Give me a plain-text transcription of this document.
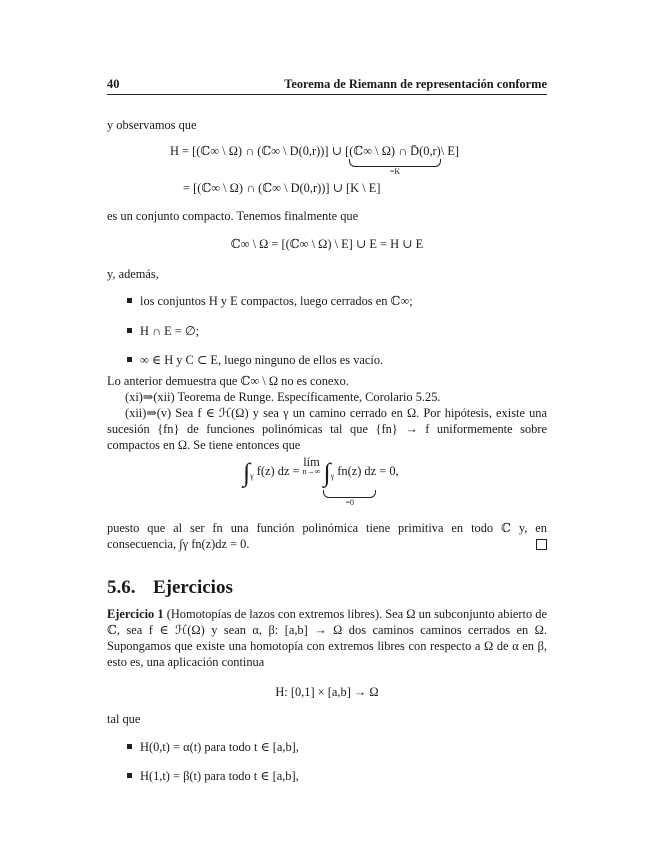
40	Teorema de Riemann de representación conforme
y observamos que
H = [(ℂ∞ \ Ω) ∩ (ℂ∞ \ D(0,r))] ∪ [(ℂ∞ \ Ω) ∩ D̄(0,r)
=K
\ E]
= [(ℂ∞ \ Ω) ∩ (ℂ∞ \ D(0,r))] ∪ [K \ E]
es un conjunto compacto. Tenemos finalmente que
ℂ∞ \ Ω = [(ℂ∞ \ Ω) \ E] ∪ E = H ∪ E
y, además,
los conjuntos H y E compactos, luego cerrados en ℂ∞;
H ∩ E = ∅;
∞ ∈ H y C ⊂ E, luego ninguno de ellos es vacío.
Lo anterior demuestra que ℂ∞ \ Ω no es conexo.
(xi)⇒(xii) Teorema de Runge. Específicamente, Corolario 5.25.
(xii)⇒(v) Sea f ∈ ℋ(Ω) y sea γ un camino cerrado en Ω. Por hipótesis, existe una sucesión {fn} de funciones polinómicas tal que {fn} → f uniformemente sobre compactos en Ω. Se tiene entonces que
$\int_\gamma$ f(z) dz = lím
n→∞ $\int_\gamma$ fn(z) dz
=0
= 0,
puesto que al ser fn una función polinómica tiene primitiva en todo ℂ y, en consecuencia, ∫γ fn(z)dz = 0.
5.6. Ejercicios
Ejercicio 1 (Homotopías de lazos con extremos libres). Sea Ω un subconjunto abierto de ℂ, sea f ∈ ℋ(Ω) y sean α, β: [a,b] → Ω dos caminos caminos cerrados en Ω. Supongamos que existe una homotopía con extremos libres con respecto a Ω de α en β, esto es, una aplicación continua
H: [0,1] × [a,b] → Ω
tal que
H(0,t) = α(t) para todo t ∈ [a,b],
H(1,t) = β(t) para todo t ∈ [a,b],
